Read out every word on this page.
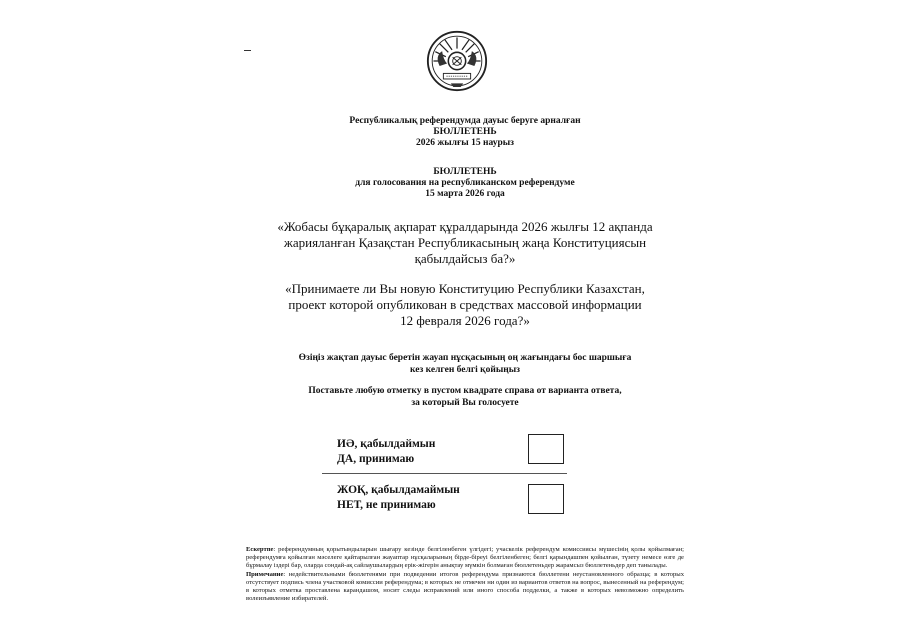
Республикалық референдумда дауыс беруге арналған
БЮЛЛЕТЕНЬ
2026 жылғы 15 наурыз
БЮЛЛЕТЕНЬ
для голосования на республиканском референдуме
15 марта 2026 года
«Жобасы бұқаралық ақпарат құралдарында 2026 жылғы 12 ақпанда
жарияланған Қазақстан Республикасының жаңа Конституциясын
қабылдайсыз ба?»
«Принимаете ли Вы новую Конституцию Республики Казахстан,
проект которой опубликован в средствах массовой информации
12 февраля 2026 года?»
Өзіңіз жақтап дауыс беретін жауап нұсқасының оң жағындағы бос шаршыға
кез келген белгі қойыңыз
Поставьте любую отметку в пустом квадрате справа от варианта ответа,
за который Вы голосуете
ИӘ, қабылдаймын
ДА, принимаю
ЖОҚ, қабылдамаймын
НЕТ, не принимаю

Ескертпе: референдумның қорытындыларын шығару кезінде белгіленбеген үлгідегі; учаскелік референдум комиссиясы мүшесінің қолы қойылмаған; референдумға қойылған мәселеге қайтарылған жауаптар нұсқаларының бірде-біреуі белгіленбеген; белгі қарындашпен қойылған, түзету немесе өзге де бұрмалау іздері бар, оларда сондай-ақ сайлаушылардың ерік-жігерін анықтау мүмкін болмаған бюллетеньдер жарамсыз бюллетеньдер деп танылады.

Примечание: недействительными бюллетенями при подведении итогов референдума признаются бюллетени неустановленного образца; в которых отсутствует подпись члена участковой комиссии референдума; в которых не отмечен ни один из вариантов ответов на вопрос, вынесенный на референдум; в которых отметка проставлена карандашом, носит следы исправлений или иного способа подделки, а также в которых невозможно определить волеизъявление избирателей.
